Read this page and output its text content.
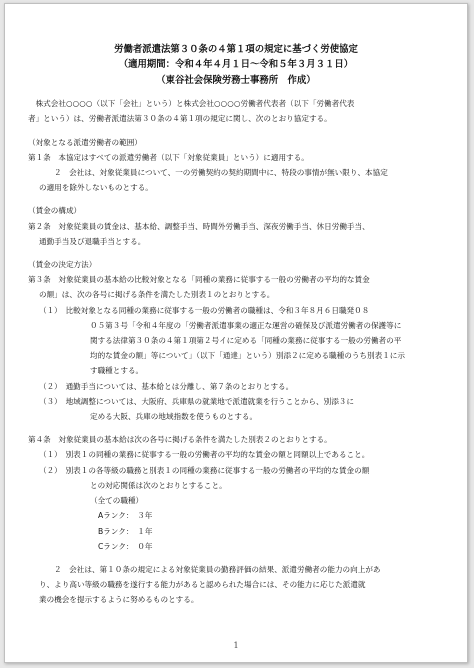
労働者派遣法第３０条の４第１項の規定に基づく労使協定
（適用期間：令和４年４月１日～令和５年３月３１日）
（東谷社会保険労務士事務所　作成）

　株式会社○○○○（以下「会社」という）と株式会社○○○○労働者代表者（以下「労働者代表

者」という）は、労働者派遣法第３０条の４第１項の規定に関し、次のとおり協定する。

（対象となる派遣労働者の範囲）

第１条　本協定はすべての派遣労働者（以下「対象従業員」という）に適用する。

２　会社は、対象従業員について、一の労働契約の契約期間中に、特段の事情が無い限り、本協定

の適用を除外しないものとする。

（賃金の構成）

第２条　対象従業員の賃金は、基本給、調整手当、時間外労働手当、深夜労働手当、休日労働手当、

通勤手当及び退職手当とする。

（賃金の決定方法）

第３条　対象従業員の基本給の比較対象となる「同種の業務に従事する一般の労働者の平均的な賃金

の額」は、次の各号に掲げる条件を満たした別表１のとおりとする。

（１）　比較対象となる同種の業務に従事する一般の労働者の職種は、令和３年８月６日職発０８

０５第３号「令和４年度の「労働者派遣事業の適正な運営の確保及び派遣労働者の保護等に

関する法律第３０条の４第１項第２号イに定める「同種の業務に従事する一般の労働者の平

均的な賃金の額」等について」（以下「通達」という）別添２に定める職種のうち別表１に示

す職種とする。

（２）　通勤手当については、基本給とは分離し、第７条のとおりとする。

（３）　地域調整については、大阪府、兵庫県の就業地で派遣就業を行うことから、別添３に

定める大阪、兵庫の地域指数を使うものとする。

第４条　対象従業員の基本給は次の各号に掲げる条件を満たした別表２のとおりとする。

（１）　別表１の同種の業務に従事する一般の労働者の平均的な賃金の額と同額以上であること。

（２）　別表１の各等級の職務と別表１の同種の業務に従事する一般の労働者の平均的な賃金の額

との対応関係は次のとおりとすること。

（全ての職種）

Aランク：　３年

Bランク：　１年

Cランク：　０年

２　会社は、第１０条の規定による対象従業員の勤務評価の結果、派遣労働者の能力の向上があ

り、より高い等級の職務を遂行する能力があると認められた場合には、その能力に応じた派遣就

業の機会を提示するように努めるものとする。

1
